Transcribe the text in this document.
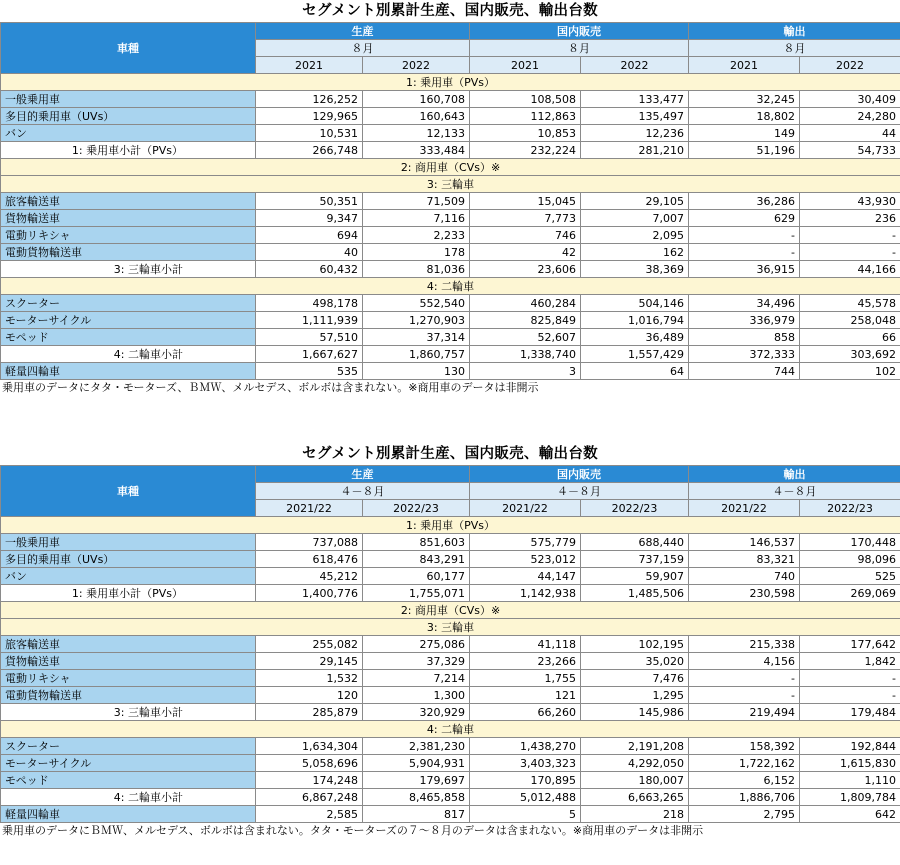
セグメント別累計生産、国内販売、輸出台数
車種	生産		国内販売		輸出	
	８月		８月		８月	
	2021	2022	2021	2022	2021	2022
1: 乗用車（PVs）						
一般乗用車	126,252	160,708	108,508	133,477	32,245	30,409
多目的乗用車（UVs）	129,965	160,643	112,863	135,497	18,802	24,280
バン	10,531	12,133	10,853	12,236	149	44
1: 乗用車小計（PVs）	266,748	333,484	232,224	281,210	51,196	54,733
2: 商用車（CVs）※						
3: 三輪車						
旅客輸送車	50,351	71,509	15,045	29,105	36,286	43,930
貨物輸送車	9,347	7,116	7,773	7,007	629	236
電動リキシャ	694	2,233	746	2,095	-	-
電動貨物輸送車	40	178	42	162	-	-
3: 三輪車小計	60,432	81,036	23,606	38,369	36,915	44,166
4: 二輪車						
スクーター	498,178	552,540	460,284	504,146	34,496	45,578
モーターサイクル	1,111,939	1,270,903	825,849	1,016,794	336,979	258,048
モペッド	57,510	37,314	52,607	36,489	858	66
4: 二輪車小計	1,667,627	1,860,757	1,338,740	1,557,429	372,333	303,692
軽量四輪車	535	130	3	64	744	102
乗用車のデータにタタ・モーターズ、ＢＭＷ、メルセデス、ボルボは含まれない。※商用車のデータは非開示
セグメント別累計生産、国内販売、輸出台数
車種	生産		国内販売		輸出	
	４－８月		４－８月		４－８月	
	2021/22	2022/23	2021/22	2022/23	2021/22	2022/23
1: 乗用車（PVs）						
一般乗用車	737,088	851,603	575,779	688,440	146,537	170,448
多目的乗用車（UVs）	618,476	843,291	523,012	737,159	83,321	98,096
バン	45,212	60,177	44,147	59,907	740	525
1: 乗用車小計（PVs）	1,400,776	1,755,071	1,142,938	1,485,506	230,598	269,069
2: 商用車（CVs）※						
3: 三輪車						
旅客輸送車	255,082	275,086	41,118	102,195	215,338	177,642
貨物輸送車	29,145	37,329	23,266	35,020	4,156	1,842
電動リキシャ	1,532	7,214	1,755	7,476	-	-
電動貨物輸送車	120	1,300	121	1,295	-	-
3: 三輪車小計	285,879	320,929	66,260	145,986	219,494	179,484
4: 二輪車						
スクーター	1,634,304	2,381,230	1,438,270	2,191,208	158,392	192,844
モーターサイクル	5,058,696	5,904,931	3,403,323	4,292,050	1,722,162	1,615,830
モペッド	174,248	179,697	170,895	180,007	6,152	1,110
4: 二輪車小計	6,867,248	8,465,858	5,012,488	6,663,265	1,886,706	1,809,784
軽量四輪車	2,585	817	5	218	2,795	642
乗用車のデータにＢＭＷ、メルセデス、ボルボは含まれない。タタ・モーターズの７～８月のデータは含まれない。※商用車のデータは非開示
